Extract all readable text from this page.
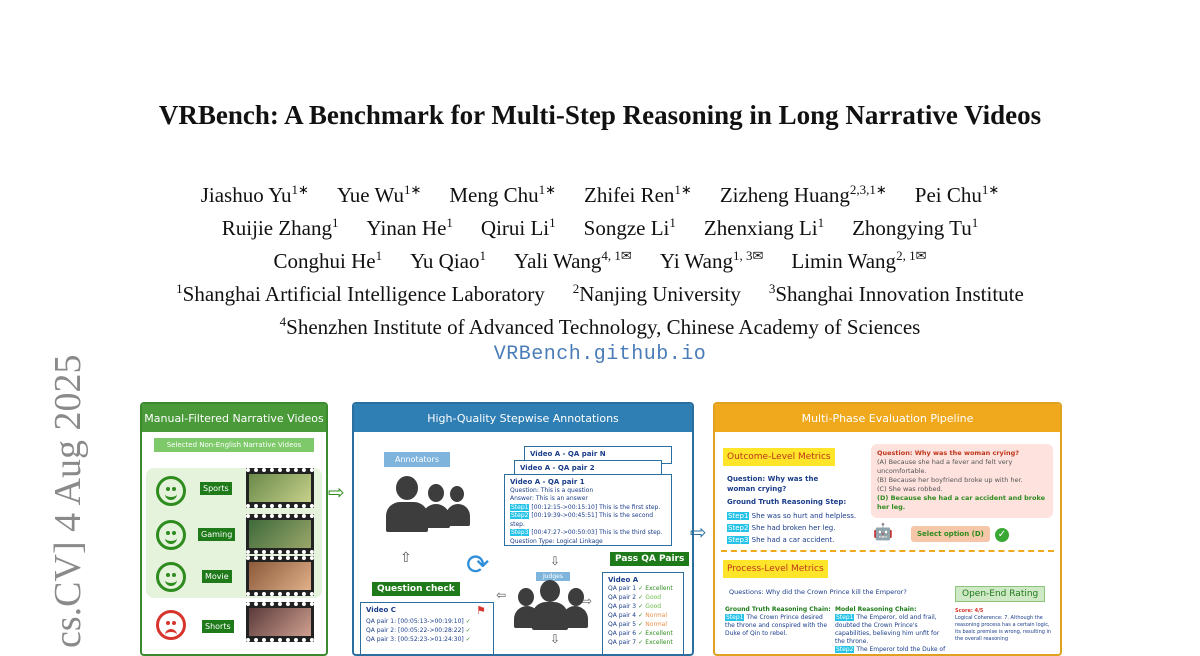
cs.CV] 4 Aug 2025
VRBench: A Benchmark for Multi-Step Reasoning in Long Narrative Videos
Jiashuo $Yu^{1∗}$ Yue $Wu^{1∗}$ Meng Chu$^{1∗}$ Zhifei Ren$^{1∗}$ Zizheng Huang$^{2,3,1∗}$ Pei Chu$^{1∗}$
Ruijie Zhang$^1$ Yinan He$^1$ Qirui Li$^1$ Songze Li$^1$ Zhenxiang Li$^1$ Zhongying Tu$^1$
Conghui He$^1$ Yu Qiao$^1$ Yali Wang$^{4, 1✉}$ Yi Wang$^{1, 3✉}$ Limin Wang$^{2, 1✉}$
$^1$Shanghai Artificial Intelligence Laboratory $^2$Nanjing University $^3$Shanghai Innovation Institute
$^4$Shenzhen Institute of Advanced Technology, Chinese Academy of Sciences
VRBench.github.io
Manual-Filtered Narrative Videos
Selected Non-English Narrative Videos
Sports
Gaming
Movie
Shorts
⇨
High-Quality Stepwise Annotations
Annotators
⇧
Video A - QA pair N
Video A - QA pair 2
Video A - QA pair 1
Question: This is a question
Answer: This is an answer
Step1 [00:12:15->00:15:10] This is the first step.
Step2 [00:19:39->00:45:51] This is the second step.
Step3 [00:47:27->00:50:03] This is the third step.
Question Type: Logical Linkage
⟳
Question check
Judges
⇩
⇩
⇦	⇨
Pass QA Pairs
Video C
QA pair 1: [00:05:13->00:19:10] ✓
QA pair 2: [00:05:22->00:28:22] ✓
QA pair 3: [00:52:23->01:24:30] ✓
⚑
Video A
QA pair 1 ✓ Excellent
QA pair 2 ✓ Good
QA pair 3 ✓ Good
QA pair 4 ✓ Normal
QA pair 5 ✓ Normal
QA pair 6 ✓ Excellent
QA pair 7 ✓ Excellent
⇨
Multi-Phase Evaluation Pipeline
Outcome-Level Metrics
Question: Why was the woman crying?
Ground Truth Reasoning Step:
Step1 She was so hurt and helpless.
Step2 She had broken her leg.
Step3 She had a car accident.
Question: Why was the woman crying?
(A) Because she had a fever and felt very uncomfortable.
(B) Because her boyfriend broke up with her.
(C) She was robbed.
(D) Because she had a car accident and broke her leg.
🤖	Select option (D)	✓
Process-Level Metrics
Questions: Why did the Crown Prince kill the Emperor?	Open-End Rating
Ground Truth Reasoning Chain:
Step1 The Crown Prince desired the throne and conspired with the Duke of Qin to rebel.
Model Reasoning Chain:
Step1 The Emperor, old and frail, doubted the Crown Prince's capabilities, believing him unfit for the throne.
Step2 The Emperor told the Duke of
Score: 4/5
Logical Coherence: 7. Although the reasoning process has a certain logic, its basic premise is wrong, resulting in the overall reasoning
